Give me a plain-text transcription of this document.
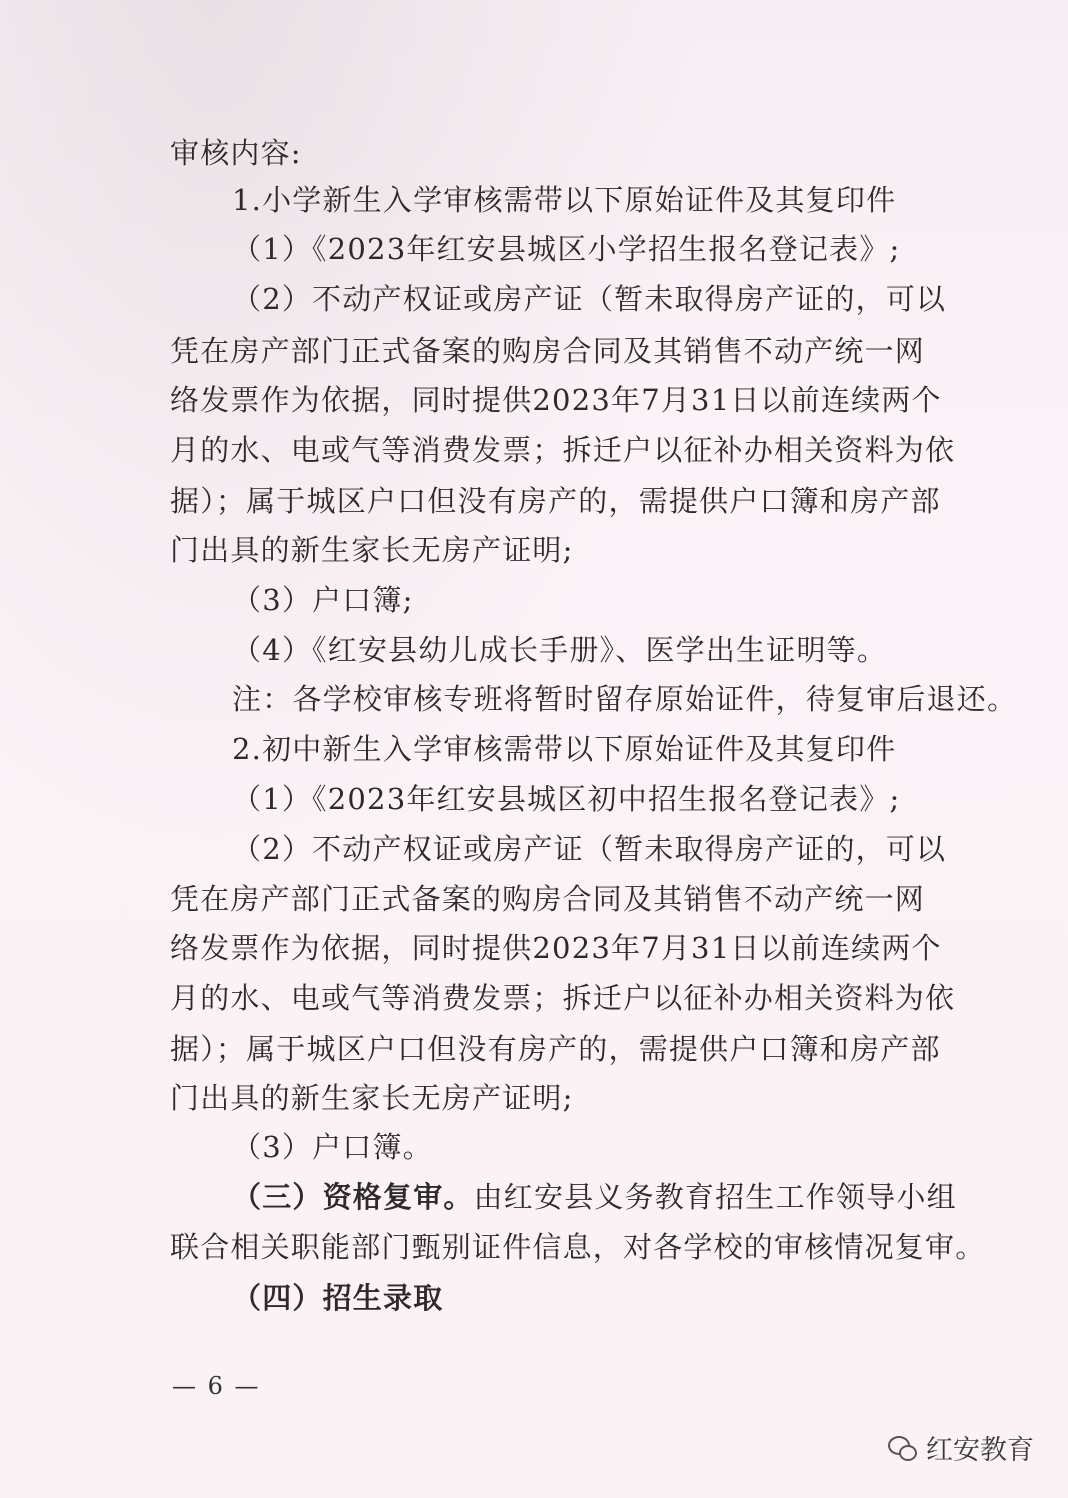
审核内容:
1.小学新生入学审核需带以下原始证件及其复印件
（1）《2023年红安县城区小学招生报名登记表》;
（2）不动产权证或房产证（暂未取得房产证的，可以
凭在房产部门正式备案的购房合同及其销售不动产统一网
络发票作为依据，同时提供2023年7月31日以前连续两个
月的水、电或气等消费发票；拆迁户以征补办相关资料为依
据）；属于城区户口但没有房产的，需提供户口簿和房产部
门出具的新生家长无房产证明;
（3）户口簿;
（4）《红安县幼儿成长手册》、医学出生证明等。
注：各学校审核专班将暂时留存原始证件，待复审后退还。
2.初中新生入学审核需带以下原始证件及其复印件
（1）《2023年红安县城区初中招生报名登记表》;
（2）不动产权证或房产证（暂未取得房产证的，可以
凭在房产部门正式备案的购房合同及其销售不动产统一网
络发票作为依据，同时提供2023年7月31日以前连续两个
月的水、电或气等消费发票；拆迁户以征补办相关资料为依
据）；属于城区户口但没有房产的，需提供户口簿和房产部
门出具的新生家长无房产证明;
（3）户口簿。
（三）资格复审。由红安县义务教育招生工作领导小组
联合相关职能部门甄别证件信息，对各学校的审核情况复审。
（四）招生录取
— 6 —
红安教育
